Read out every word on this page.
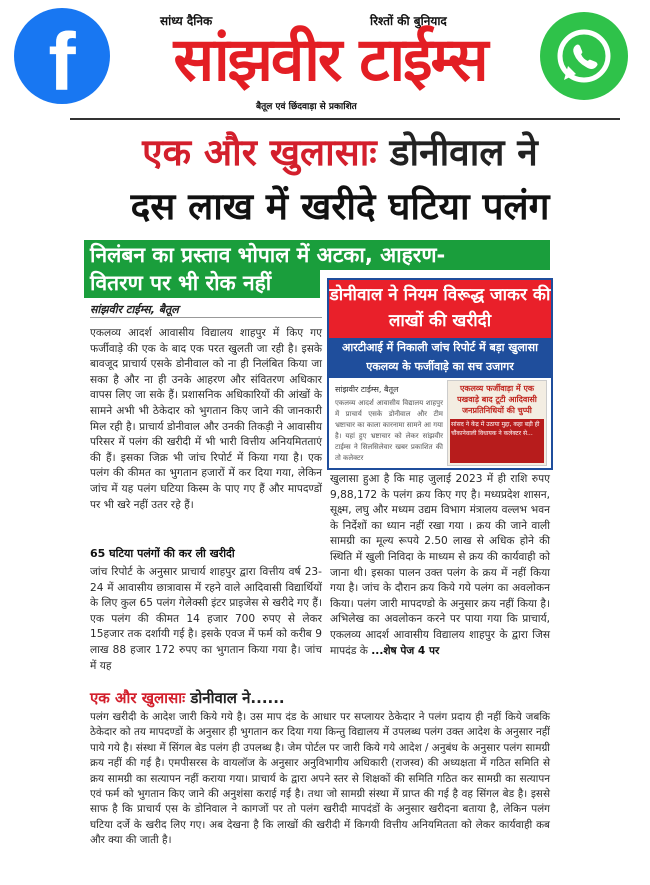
f	सांध्य दैनिक	रिश्तों की बुनियाद
सांझवीर टाईम्स
बैतूल एवं छिंदवाड़ा से प्रकाशित
एक और खुलासाः डोनीवाल ने
दस लाख में खरीदे घटिया पलंग
निलंबन का प्रस्ताव भोपाल में अटका, आहरण-
वितरण पर भी रोक नहीं	डोनीवाल ने नियम विरूद्ध जाकर की लाखों की खरीदी
आरटीआई में निकाली जांच रिपोर्ट में बड़ा खुलासा एकलव्य के फर्जीवाड़े का सच उजागर
सांझवीर टाईम्स, बैतूल
एकलव्य आदर्श आवासीय विद्यालय शाहपुर में प्राचार्य एसके डोनीवाल और टीम भ्रष्टाचार का काला कारनामा सामने आ गया है। यहां हुए भ्रष्टाचार को लेकर सांझवीर टाईम्स ने सिलसिलेवार खबर प्रकाशित की तो कलेक्टर
एकलव्य फर्जीवाड़ा में एक पखवाड़े बाद टूटी आदिवासी जनप्रतिनिधियों की चुप्पी
सांसद ने केंद्र में उठाया मुद्दा, कहा बड़ी ही चौंकानेवाली विधायक ने कलेक्टर से...
सांझवीर टाईम्स, बैतूल
एकलव्य आदर्श आवासीय विद्यालय शाहपुर में किए गए फर्जीवाड़े की एक के बाद एक परत खुलती जा रही है। इसके बावजूद प्राचार्य एसके डोनीवाल को ना ही निलंबित किया जा सका है और ना ही उनके आहरण और संवितरण अधिकार वापस लिए जा सके हैं। प्रशासनिक अधिकारियों की आंखों के सामने अभी भी ठेकेदार को भुगतान किए जाने की जानकारी मिल रही है। प्राचार्य डोनीवाल और उनकी तिकड़ी ने आवासीय परिसर में पलंग की खरीदी में भी भारी वित्तीय अनियमितताएं की हैं। इसका जिक्र भी जांच रिपोर्ट में किया गया है। एक पलंग की कीमत का भुगतान हजारों में कर दिया गया, लेकिन जांच में यह पलंग घटिया किस्म के पाए गए हैं और मापदण्डों पर भी खरे नहीं उतर रहे हैं।
65 घटिया पलंगों की कर ली खरीदी
जांच रिपोर्ट के अनुसार प्राचार्य शाहपुर द्वारा वित्तीय वर्ष 23-24 में आवासीय छात्रावास में रहने वाले आदिवासी विद्यार्थियों के लिए कुल 65 पलंग गेलेक्सी इंटर प्राइजेस से खरीदे गए हैं। एक पलंग की कीमत 14 हजार 700 रुपए से लेकर 15हजार तक दर्शायी गई है। इसके एवज में फर्म को करीब 9 लाख 88 हजार 172 रुपए का भुगतान किया गया है। जांच में यह
खुलासा हुआ है कि माह जुलाई 2023 में ही राशि रुपए 9,88,172 के पलंग क्रय किए गए है। मध्यप्रदेश शासन, सूक्ष्म, लघु और मध्यम उद्यम विभाग मंत्रालय वल्लभ भवन के निर्देशों का ध्यान नहीं रखा गया । क्रय की जाने वाली सामग्री का मूल्य रूपये 2.50 लाख से अधिक होने की स्थिति में खुली निविदा के माध्यम से क्रय की कार्यवाही को जाना थी। इसका पालन उक्त पलंग के क्रय में नहीं किया गया है। जांच के दौरान क्रय किये गये पलंग का अवलोकन किया। पलंग जारी मापदण्डो के अनुसार क्रय नहीं किया है। अभिलेख का अवलोकन करने पर पाया गया कि प्राचार्य, एकलव्य आदर्श आवासीय विद्यालय शाहपुर के द्वारा जिस मापदंड के ...शेष पेज 4 पर
एक और खुलासाः डोनीवाल ने......
पलंग खरीदी के आदेश जारी किये गये है। उस माप दंड के आधार पर सप्लायर ठेकेदार ने पलंग प्रदाय ही नहीं किये जबकि ठेकेदार को तय मापदण्डों के अनुसार ही भुगतान कर दिया गया किन्तु विद्यालय में उपलब्ध पलंग उक्त आदेश के अनुसार नहीं पाये गये है। संस्था में सिंगल बेड पलंग ही उपलब्ध है। जेम पोर्टल पर जारी किये गये आदेश / अनुबंध के अनुसार पलंग सामग्री क्रय नहीं की गई है। एमपीसरस के वायलॉज के अनुसार अनुविभागीय अधिकारी (राजस्व) की अध्यक्षता में गठित समिति से क्रय सामग्री का सत्यापन नहीं कराया गया। प्राचार्य के द्वारा अपने स्तर से शिक्षकों की समिति गठित कर सामग्री का सत्यापन एवं फर्म को भुगतान किए जाने की अनुशंसा कराई गई है। तथा जो सामग्री संस्था में प्राप्त की गई है वह सिंगल बेड है। इससे साफ है कि प्राचार्य एस के डोनिवाल ने कागजों पर तो पलंग खरीदी मापदंडों के अनुसार खरीदना बताया है, लेकिन पलंग घटिया दर्जे के खरीद लिए गए। अब देखना है कि लाखों की खरीदी में किगयी वित्तीय अनियमितता को लेकर कार्यवाही कब और क्या की जाती है।
